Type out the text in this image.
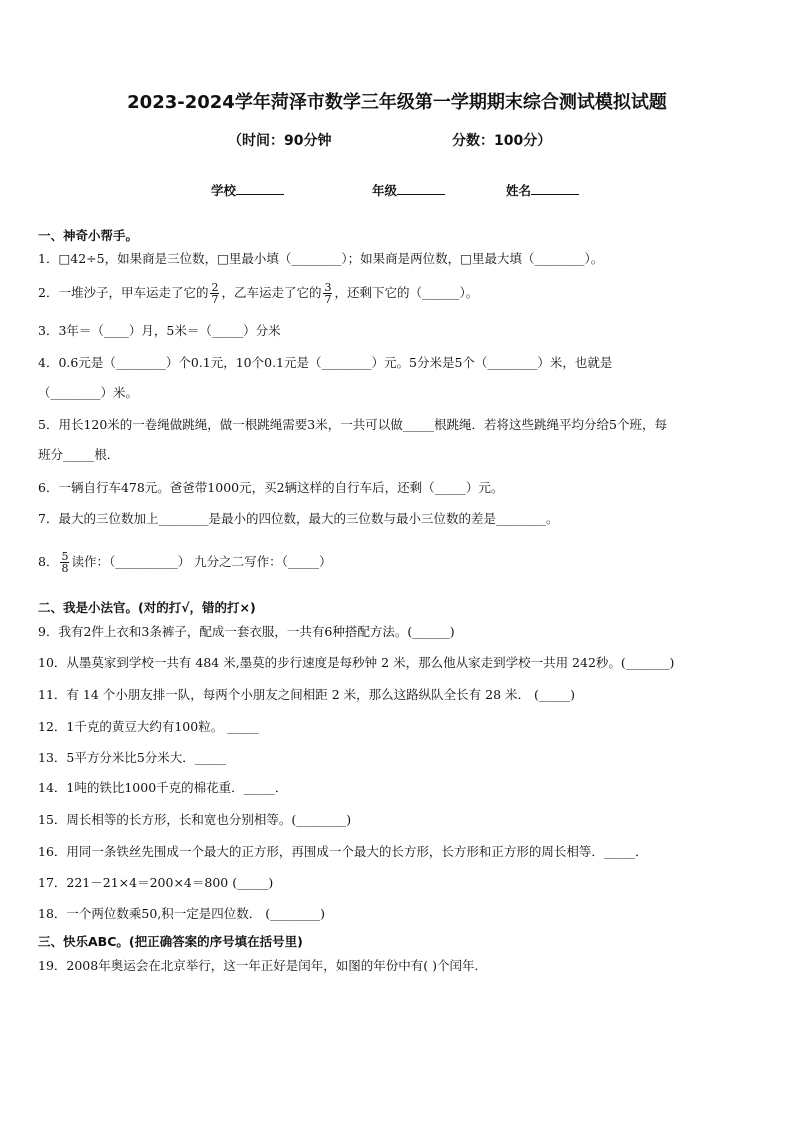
2023-2024学年菏泽市数学三年级第一学期期末综合测试模拟试题
（时间：90分钟	分数：100分）
学校	年级	姓名
一、神奇小帮手。
1．□42÷5，如果商是三位数，□里最小填（________）；如果商是两位数，□里最大填（________）。
2．一堆沙子，甲车运走了它的 $\frac{2}{7}$ ，乙车运走了它的 $\frac{3}{7}$ ，还剩下它的（______）。
3．3年＝（____）月，5米＝（_____）分米
4．0.6元是（________）个0.1元，10个0.1元是（________）元。5分米是5个（________）米，也就是
（________）米。
5．用长120米的一卷绳做跳绳，做一根跳绳需要3米，一共可以做_____根跳绳．若将这些跳绳平均分给5个班，每
班分_____根．
6．一辆自行车478元。爸爸带1000元，买2辆这样的自行车后，还剩（_____）元。
7．最大的三位数加上________是最小的四位数，最大的三位数与最小三位数的差是________。
8． $\frac{5}{8}$ 读作：（__________） 九分之二写作：（_____）
二、我是小法官。(对的打√，错的打×)
9．我有2件上衣和3条裤子，配成一套衣服，一共有6种搭配方法。(______)
10．从墨莫家到学校一共有 484 米,墨莫的步行速度是每秒钟 2 米，那么他从家走到学校一共用 242秒。(_______)
11．有 14 个小朋友排一队，每两个小朋友之间相距 2 米，那么这路纵队全长有 28 米． (_____)
12．1千克的黄豆大约有100粒。 _____
13．5平方分米比5分米大．_____
14．1吨的铁比1000千克的棉花重．_____．
15．周长相等的长方形，长和宽也分别相等。(________)
16．用同一条铁丝先围成一个最大的正方形，再围成一个最大的长方形，长方形和正方形的周长相等．_____．
17．221－21×4＝200×4＝800 (_____)
18．一个两位数乘50,积一定是四位数． (________)
三、快乐ABC。(把正确答案的序号填在括号里)
19．2008年奥运会在北京举行，这一年正好是闰年，如图的年份中有( )个闰年．
